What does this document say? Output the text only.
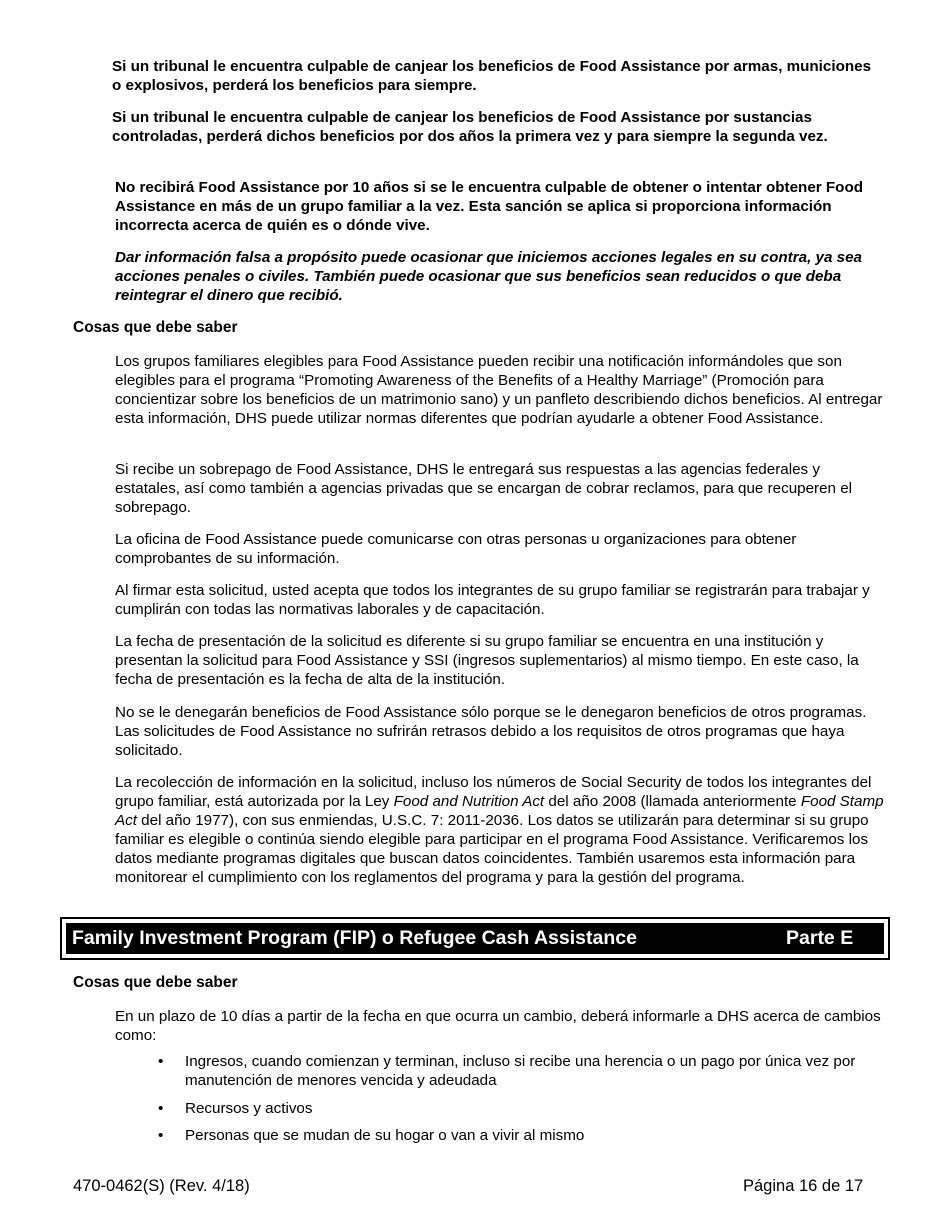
Si un tribunal le encuentra culpable de canjear los beneficios de Food Assistance por armas, municiones o explosivos, perderá los beneficios para siempre.

Si un tribunal le encuentra culpable de canjear los beneficios de Food Assistance por sustancias controladas, perderá dichos beneficios por dos años la primera vez y para siempre la segunda vez.

No recibirá Food Assistance por 10 años si se le encuentra culpable de obtener o intentar obtener Food Assistance en más de un grupo familiar a la vez. Esta sanción se aplica si proporciona información incorrecta acerca de quién es o dónde vive.

Dar información falsa a propósito puede ocasionar que iniciemos acciones legales en su contra, ya sea acciones penales o civiles. También puede ocasionar que sus beneficios sean reducidos o que deba reintegrar el dinero que recibió.

Cosas que debe saber

Los grupos familiares elegibles para Food Assistance pueden recibir una notificación informándoles que son elegibles para el programa “Promoting Awareness of the Benefits of a Healthy Marriage” (Promoción para concientizar sobre los beneficios de un matrimonio sano) y un panfleto describiendo dichos beneficios. Al entregar esta información, DHS puede utilizar normas diferentes que podrían ayudarle a obtener Food Assistance.

Si recibe un sobrepago de Food Assistance, DHS le entregará sus respuestas a las agencias federales y estatales, así como también a agencias privadas que se encargan de cobrar reclamos, para que recuperen el sobrepago.

La oficina de Food Assistance puede comunicarse con otras personas u organizaciones para obtener comprobantes de su información.

Al firmar esta solicitud, usted acepta que todos los integrantes de su grupo familiar se registrarán para trabajar y cumplirán con todas las normativas laborales y de capacitación.

La fecha de presentación de la solicitud es diferente si su grupo familiar se encuentra en una institución y presentan la solicitud para Food Assistance y SSI (ingresos suplementarios) al mismo tiempo. En este caso, la fecha de presentación es la fecha de alta de la institución.

No se le denegarán beneficios de Food Assistance sólo porque se le denegaron beneficios de otros programas. Las solicitudes de Food Assistance no sufrirán retrasos debido a los requisitos de otros programas que haya solicitado.

La recolección de información en la solicitud, incluso los números de Social Security de todos los integrantes del grupo familiar, está autorizada por la Ley Food and Nutrition Act del año 2008 (llamada anteriormente Food Stamp Act del año 1977), con sus enmiendas, U.S.C. 7: 2011-2036. Los datos se utilizarán para determinar si su grupo familiar es elegible o continúa siendo elegible para participar en el programa Food Assistance. Verificaremos los datos mediante programas digitales que buscan datos coincidentes. También usaremos esta información para monitorear el cumplimiento con los reglamentos del programa y para la gestión del programa.

Family Investment Program (FIP) o Refugee Cash Assistance	Parte E
Cosas que debe saber

En un plazo de 10 días a partir de la fecha en que ocurra un cambio, deberá informarle a DHS acerca de cambios como:

• Ingresos, cuando comienzan y terminan, incluso si recibe una herencia o un pago por única vez por manutención de menores vencida y adeudada
• Recursos y activos
• Personas que se mudan de su hogar o van a vivir al mismo
470-0462(S) (Rev. 4/18)	Página 16 de 17
